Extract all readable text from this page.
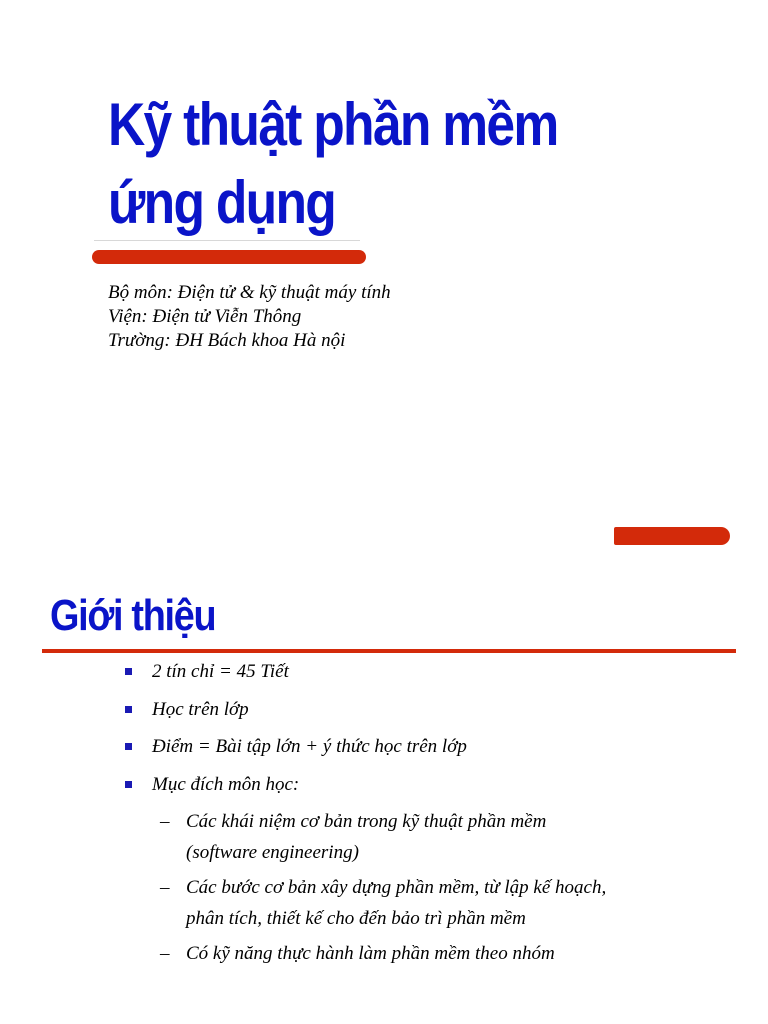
Kỹ thuật phần mềm
ứng dụng
Bộ môn: Điện tử & kỹ thuật máy tính
Viện: Điện tử Viễn Thông
Trường: ĐH Bách khoa Hà nội
Giới thiệu
2 tín chỉ = 45 Tiết
Học trên lớp
Điểm = Bài tập lớn + ý thức học trên lớp
Mục đích môn học:
– Các khái niệm cơ bản trong kỹ thuật phần mềm
(software engineering)
– Các bước cơ bản xây dựng phần mềm, từ lập kế hoạch,
phân tích, thiết kế cho đến bảo trì phần mềm
– Có kỹ năng thực hành làm phần mềm theo nhóm
